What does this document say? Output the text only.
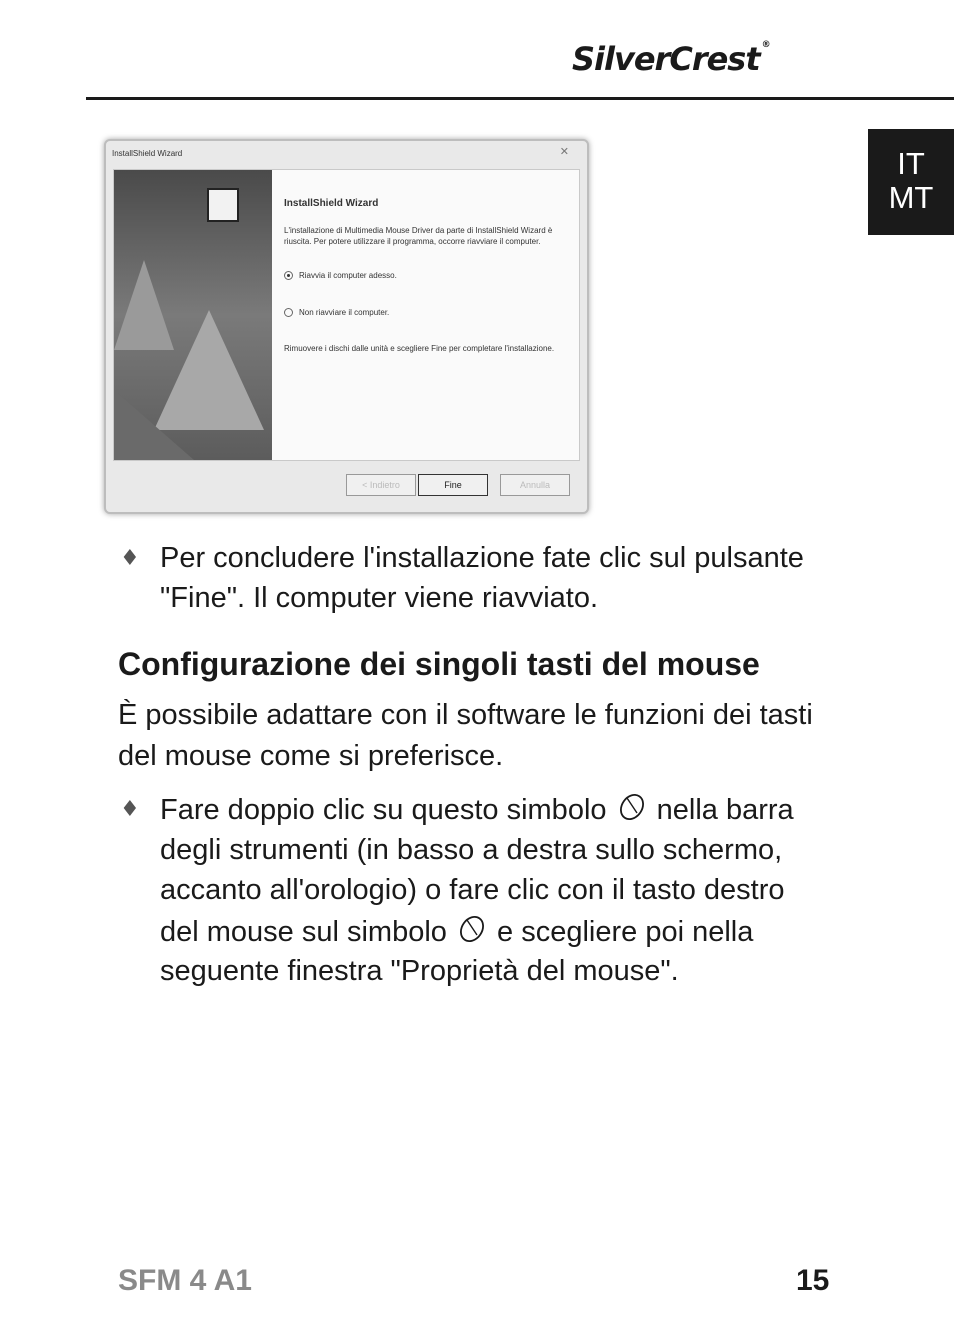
SilverCrest ®
IT
MT
InstallShield Wizard	✕
InstallShield Wizard
L'installazione di Multimedia Mouse Driver da parte di InstallShield Wizard è riuscita. Per potere utilizzare il programma, occorre riavviare il computer.
Riavvia il computer adesso.
Non riavviare il computer.
Rimuovere i dischi dalle unità e scegliere Fine per completare l'installazione.
< Indietro	Fine	Annulla
♦ Per concludere l'installazione fate clic sul pulsante
"Fine". Il computer viene riavviato.
Configurazione dei singoli tasti del mouse
È possibile adattare con il software le funzioni dei tasti
del mouse come si preferisce.
♦ Fare doppio clic su questo simbolo nella barra
degli strumenti (in basso a destra sullo schermo,
accanto all'orologio) o fare clic con il tasto destro
del mouse sul simbolo e scegliere poi nella
seguente finestra "Proprietà del mouse".
SFM 4 A1	15
